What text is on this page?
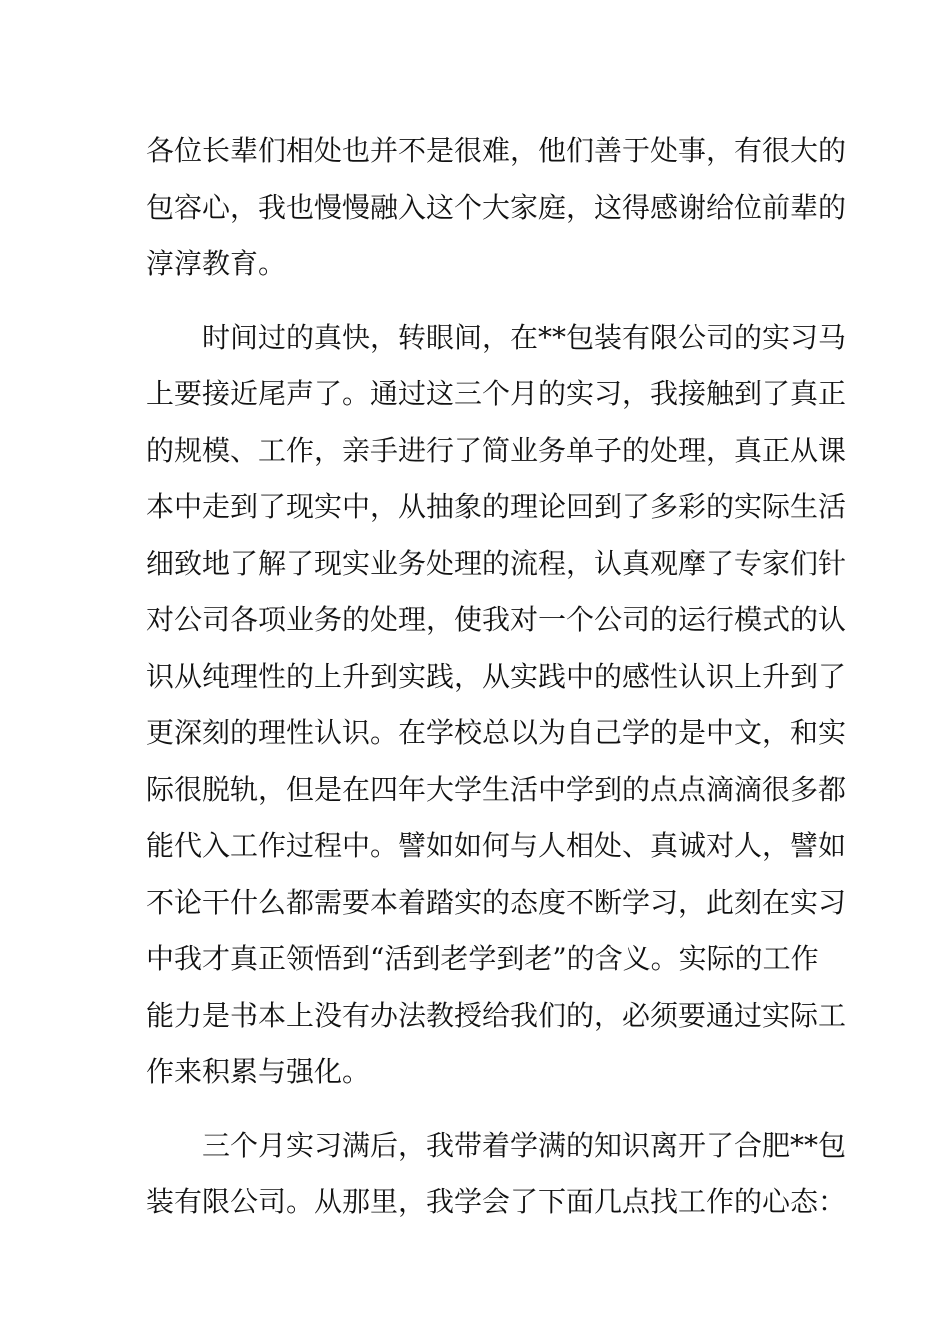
各位长辈们相处也并不是很难，他们善于处事，有很大的
包容心，我也慢慢融入这个大家庭，这得感谢给位前辈的
淳淳教育。
时间过的真快，转眼间，在**包装有限公司的实习马
上要接近尾声了。通过这三个月的实习，我接触到了真正
的规模、工作，亲手进行了简业务单子的处理，真正从课
本中走到了现实中，从抽象的理论回到了多彩的实际生活
细致地了解了现实业务处理的流程，认真观摩了专家们针
对公司各项业务的处理，使我对一个公司的运行模式的认
识从纯理性的上升到实践，从实践中的感性认识上升到了
更深刻的理性认识。在学校总以为自己学的是中文，和实
际很脱轨，但是在四年大学生活中学到的点点滴滴很多都
能代入工作过程中。譬如如何与人相处、真诚对人，譬如
不论干什么都需要本着踏实的态度不断学习，此刻在实习
中我才真正领悟到“活到老学到老”的含义。实际的工作
能力是书本上没有办法教授给我们的，必须要通过实际工
作来积累与强化。
三个月实习满后，我带着学满的知识离开了合肥**包
装有限公司。从那里，我学会了下面几点找工作的心态：
